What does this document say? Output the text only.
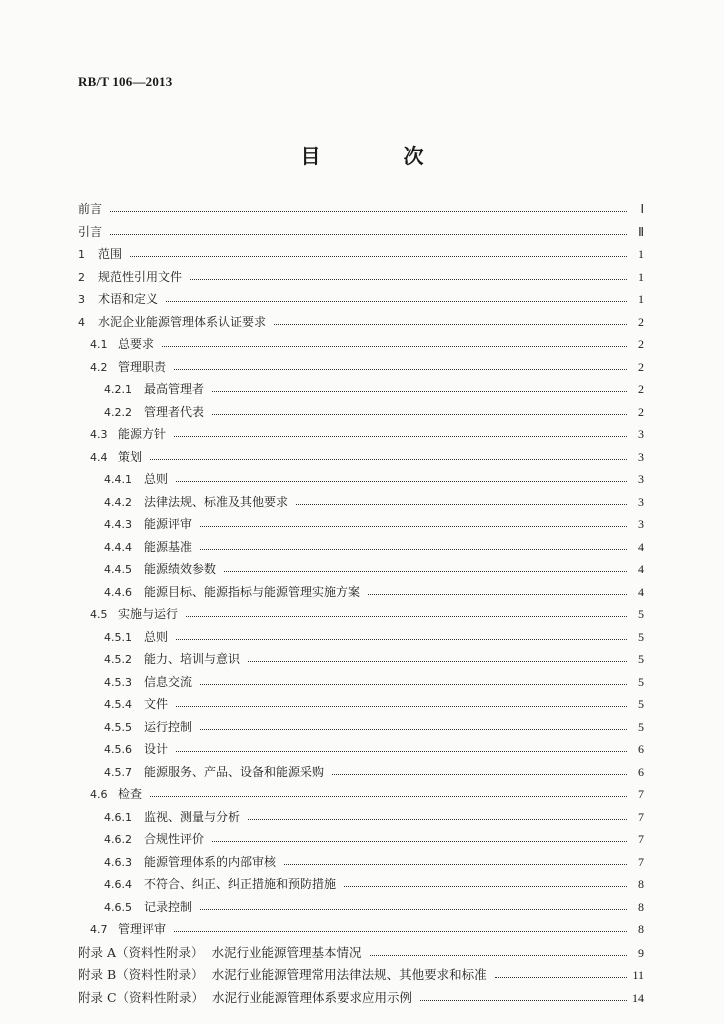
RB/T 106—2013
目 次
前言	Ⅰ
引言	Ⅱ
1	范围	1
2	规范性引用文件	1
3	术语和定义	1
4	水泥企业能源管理体系认证要求	2
4.1 总要求	2
4.2 管理职责	2
4.2.1	最高管理者	2
4.2.2	管理者代表	2
4.3 能源方针	3
4.4 策划	3
4.4.1	总则	3
4.4.2	法律法规、标准及其他要求	3
4.4.3	能源评审	3
4.4.4	能源基准	4
4.4.5	能源绩效参数	4
4.4.6	能源目标、能源指标与能源管理实施方案	4
4.5 实施与运行	5
4.5.1	总则	5
4.5.2	能力、培训与意识	5
4.5.3	信息交流	5
4.5.4	文件	5
4.5.5	运行控制	5
4.5.6	设计	6
4.5.7	能源服务、产品、设备和能源采购	6
4.6 检查	7
4.6.1	监视、测量与分析	7
4.6.2	合规性评价	7
4.6.3	能源管理体系的内部审核	7
4.6.4	不符合、纠正、纠正措施和预防措施	8
4.6.5	记录控制	8
4.7 管理评审	8
附录 A（资料性附录） 水泥行业能源管理基本情况	9
附录 B（资料性附录） 水泥行业能源管理常用法律法规、其他要求和标准	11
附录 C（资料性附录） 水泥行业能源管理体系要求应用示例	14
